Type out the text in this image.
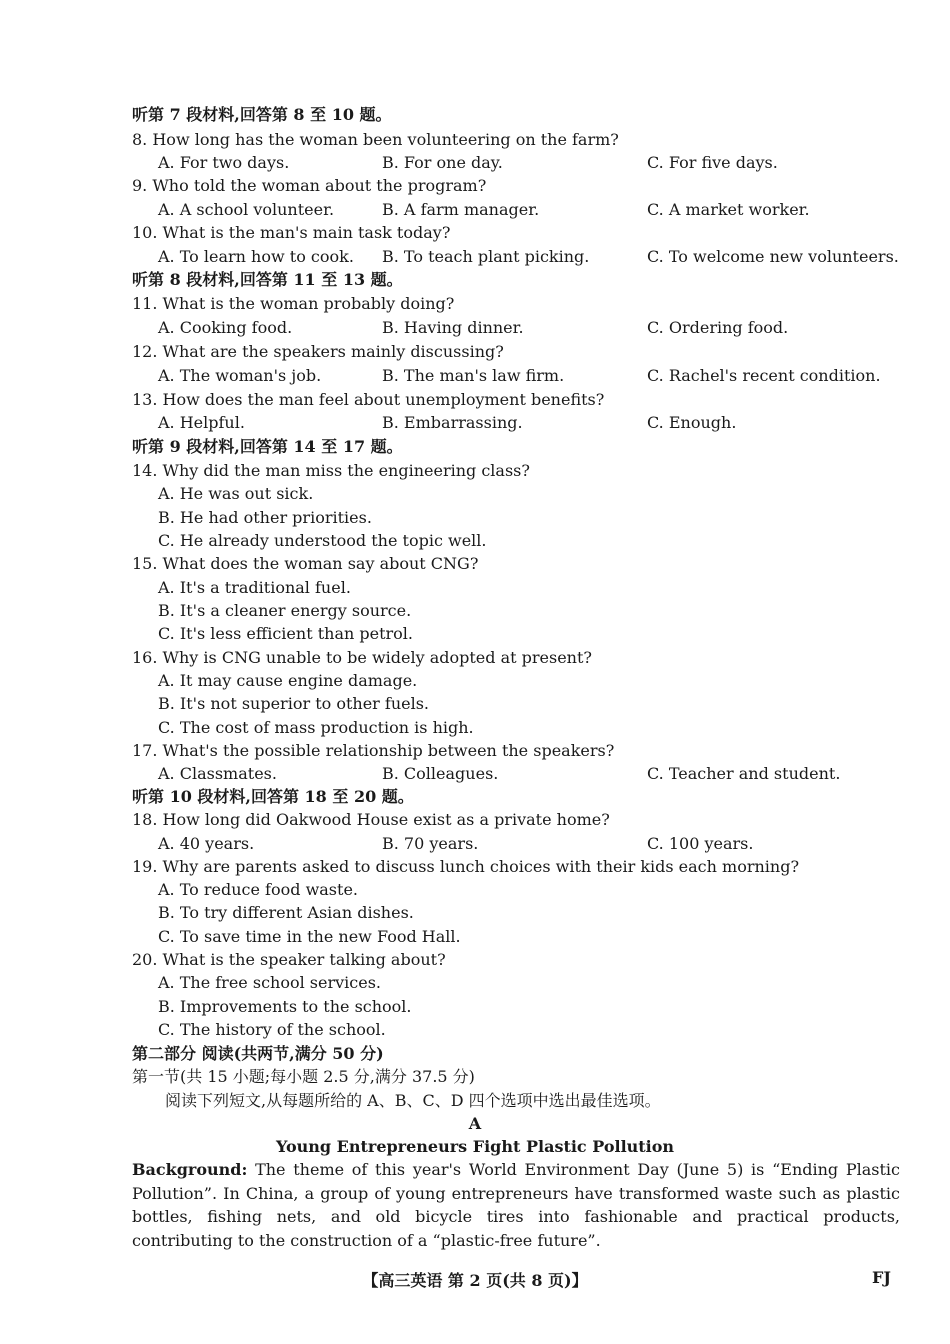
听第 7 段材料,回答第 8 至 10 题。
8. How long has the woman been volunteering on the farm?
A. For two days.	B. For one day.	C. For five days.
9. Who told the woman about the program?
A. A school volunteer.	B. A farm manager.	C. A market worker.
10. What is the man's main task today?
A. To learn how to cook. B. To teach plant picking.	C. To welcome new volunteers.
听第 8 段材料,回答第 11 至 13 题。
11. What is the woman probably doing?
A. Cooking food.	B. Having dinner.	C. Ordering food.
12. What are the speakers mainly discussing?
A. The woman's job.	B. The man's law firm.	C. Rachel's recent condition.
13. How does the man feel about unemployment benefits?
A. Helpful.	B. Embarrassing.	C. Enough.
听第 9 段材料,回答第 14 至 17 题。
14. Why did the man miss the engineering class?
A. He was out sick.
B. He had other priorities.
C. He already understood the topic well.
15. What does the woman say about CNG?
A. It's a traditional fuel.
B. It's a cleaner energy source.
C. It's less efficient than petrol.
16. Why is CNG unable to be widely adopted at present?
A. It may cause engine damage.
B. It's not superior to other fuels.
C. The cost of mass production is high.
17. What's the possible relationship between the speakers?
A. Classmates.	B. Colleagues.	C. Teacher and student.
听第 10 段材料,回答第 18 至 20 题。
18. How long did Oakwood House exist as a private home?
A. 40 years.	B. 70 years.	C. 100 years.
19. Why are parents asked to discuss lunch choices with their kids each morning?
A. To reduce food waste.
B. To try different Asian dishes.
C. To save time in the new Food Hall.
20. What is the speaker talking about?
A. The free school services.
B. Improvements to the school.
C. The history of the school.
第二部分 阅读(共两节,满分 50 分)
第一节(共 15 小题;每小题 2.5 分,满分 37.5 分)
阅读下列短文,从每题所给的 A、B、C、D 四个选项中选出最佳选项。
A
Young Entrepreneurs Fight Plastic Pollution
Background: The theme of this year's World Environment Day (June 5) is “Ending Plastic Pollution”. In China, a group of young entrepreneurs have transformed waste such as plastic bottles, fishing nets, and old bicycle tires into fashionable and practical products, contributing to the construction of a “plastic-free future”.
【高三英语 第 2 页(共 8 页)】	FJ
